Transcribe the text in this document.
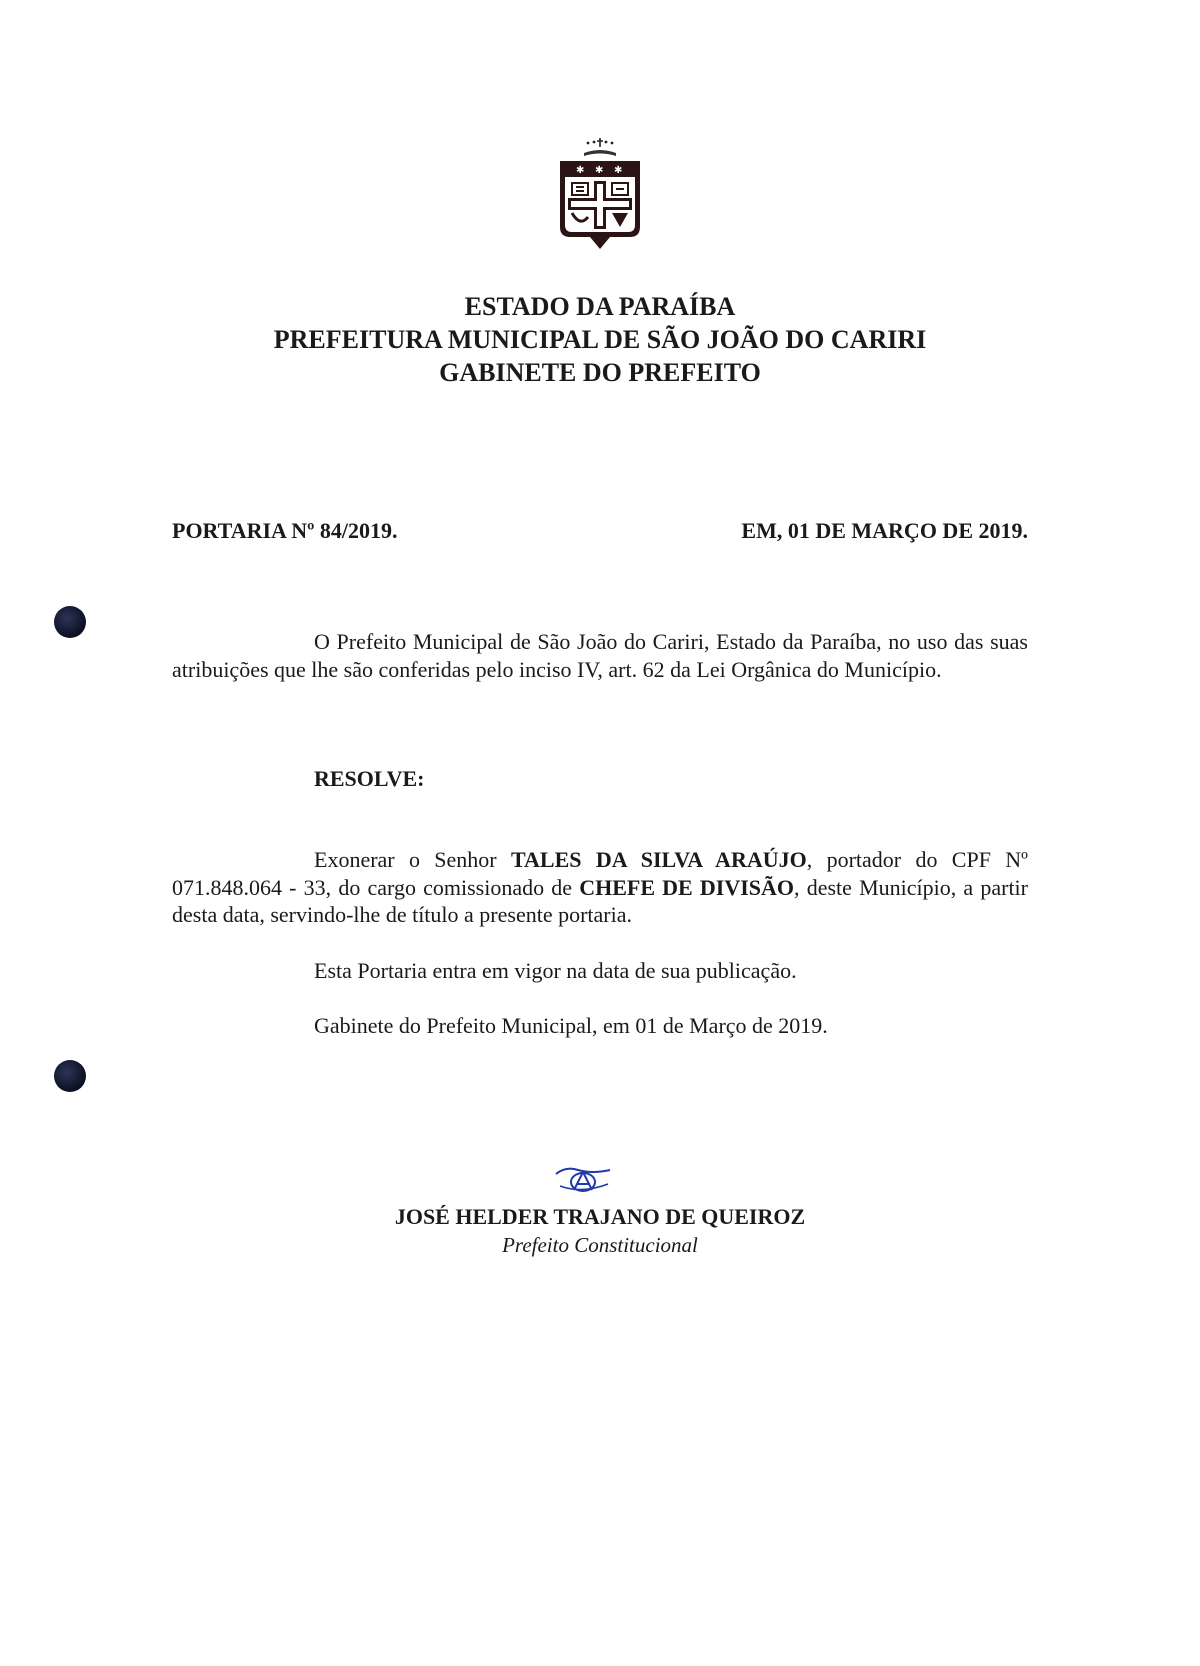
✱ ✱ ✱
ESTADO DA PARAÍBA
PREFEITURA MUNICIPAL DE SÃO JOÃO DO CARIRI
GABINETE DO PREFEITO
PORTARIA Nº 84/2019.	EM, 01 DE MARÇO DE 2019.
O Prefeito Municipal de São João do Cariri, Estado da Paraíba, no uso das suas atribuições que lhe são conferidas pelo inciso IV, art. 62 da Lei Orgânica do Município.
RESOLVE:
Exonerar o Senhor TALES DA SILVA ARAÚJO, portador do CPF Nº 071.848.064 - 33, do cargo comissionado de CHEFE DE DIVISÃO, deste Município, a partir desta data, servindo-lhe de título a presente portaria.
Esta Portaria entra em vigor na data de sua publicação.
Gabinete do Prefeito Municipal, em 01 de Março de 2019.
JOSÉ HELDER TRAJANO DE QUEIROZ
Prefeito Constitucional
